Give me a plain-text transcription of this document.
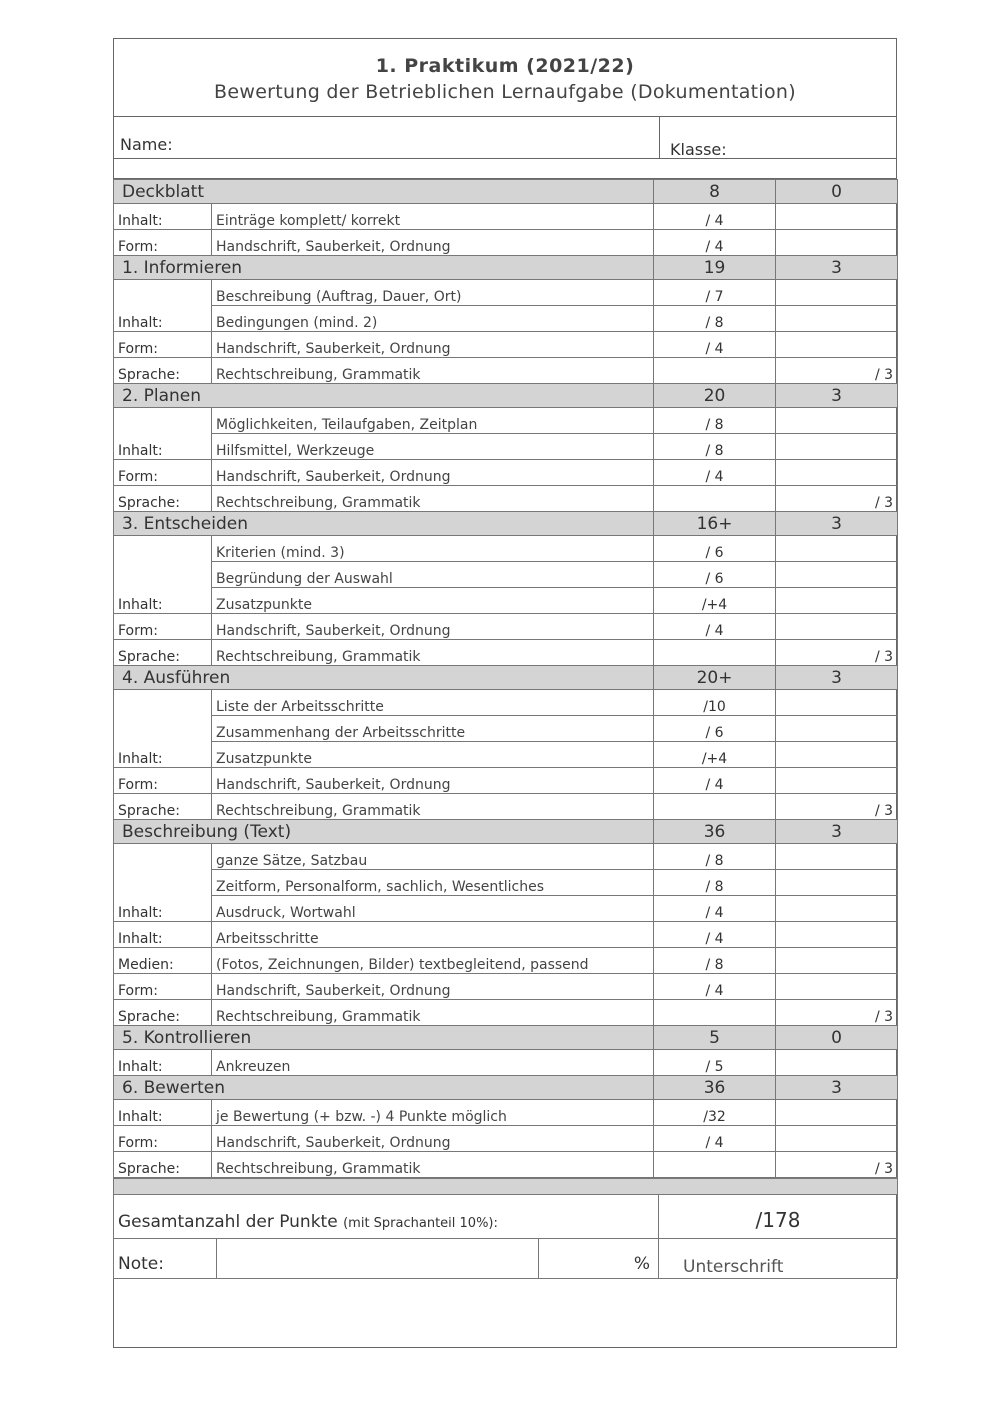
1. Praktikum (2021/22)
Bewertung der Betrieblichen Lernaufgabe (Dokumentation)
Name:	Klasse:
Deckblatt		8	0
Inhalt:	Einträge komplett/ korrekt	/ 4	
Form:	Handschrift, Sauberkeit, Ordnung	/ 4	
1. Informieren		19	3
Inhalt:	Beschreibung (Auftrag, Dauer, Ort)	/ 7	
	Bedingungen (mind. 2)	/ 8	
Form:	Handschrift, Sauberkeit, Ordnung	/ 4	
Sprache:	Rechtschreibung, Grammatik		/ 3
2. Planen		20	3
Inhalt:	Möglichkeiten, Teilaufgaben, Zeitplan	/ 8	
	Hilfsmittel, Werkzeuge	/ 8	
Form:	Handschrift, Sauberkeit, Ordnung	/ 4	
Sprache:	Rechtschreibung, Grammatik		/ 3
3. Entscheiden		16+	3
Inhalt:	Kriterien (mind. 3)	/ 6	
	Begründung der Auswahl	/ 6	
	Zusatzpunkte	/+4	
Form:	Handschrift, Sauberkeit, Ordnung	/ 4	
Sprache:	Rechtschreibung, Grammatik		/ 3
4. Ausführen		20+	3
Inhalt:	Liste der Arbeitsschritte	/10	
	Zusammenhang der Arbeitsschritte	/ 6	
	Zusatzpunkte	/+4	
Form:	Handschrift, Sauberkeit, Ordnung	/ 4	
Sprache:	Rechtschreibung, Grammatik		/ 3
Beschreibung (Text)		36	3
Inhalt:	ganze Sätze, Satzbau	/ 8	
	Zeitform, Personalform, sachlich, Wesentliches	/ 8	
	Ausdruck, Wortwahl	/ 4	
Inhalt:	Arbeitsschritte	/ 4	
Medien:	(Fotos, Zeichnungen, Bilder) textbegleitend, passend	/ 8	
Form:	Handschrift, Sauberkeit, Ordnung	/ 4	
Sprache:	Rechtschreibung, Grammatik		/ 3
5. Kontrollieren		5	0
Inhalt:	Ankreuzen	/ 5	
6. Bewerten		36	3
Inhalt:	je Bewertung (+ bzw. -) 4 Punkte möglich	/32	
Form:	Handschrift, Sauberkeit, Ordnung	/ 4	
Sprache:	Rechtschreibung, Grammatik		/ 3

Gesamtanzahl der Punkte (mit Sprachanteil 10%):			/178
Note:		%	Unterschrift
